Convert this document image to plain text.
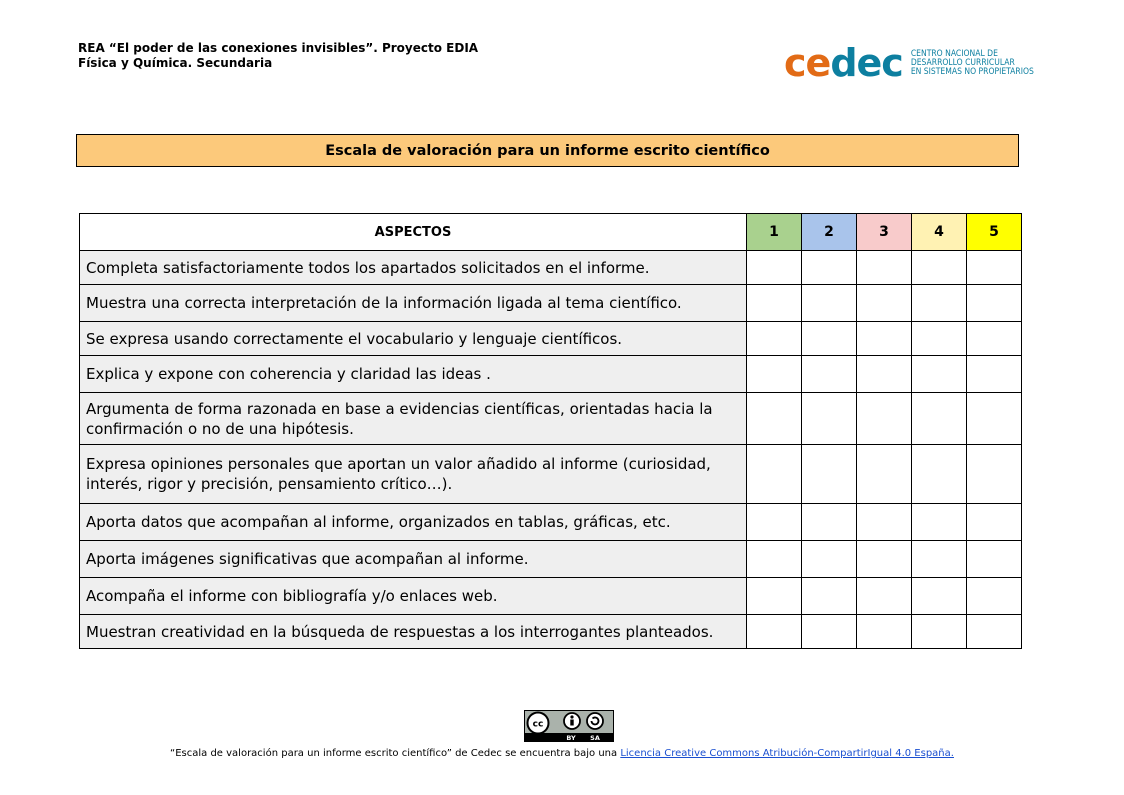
REA “El poder de las conexiones invisibles”. Proyecto EDIA
Física y Química. Secundaria	cedec CENTRO NACIONAL DE
DESARROLLO CURRICULAR
EN SISTEMAS NO PROPIETARIOS
Escala de valoración para un informe escrito científico
ASPECTOS	1	2	3	4	5
Completa satisfactoriamente todos los apartados solicitados en el informe.					
Muestra una correcta interpretación de la información ligada al tema científico.					
Se expresa usando correctamente el vocabulario y lenguaje científicos.					
Explica y expone con coherencia y claridad las ideas .					
Argumenta de forma razonada en base a evidencias científicas, orientadas hacia la confirmación o no de una hipótesis.					
Expresa opiniones personales que aportan un valor añadido al informe (curiosidad, interés, rigor y precisión, pensamiento crítico…).					
Aporta datos que acompañan al informe, organizados en tablas, gráficas, etc.					
Aporta imágenes significativas que acompañan al informe.					
Acompaña el informe con bibliografía y/o enlaces web.					
Muestran creatividad en la búsqueda de respuestas a los interrogantes planteados.					
cc
BY SA
“Escala de valoración para un informe escrito científico” de Cedec se encuentra bajo una Licencia Creative Commons Atribución-CompartirIgual 4.0 España.
